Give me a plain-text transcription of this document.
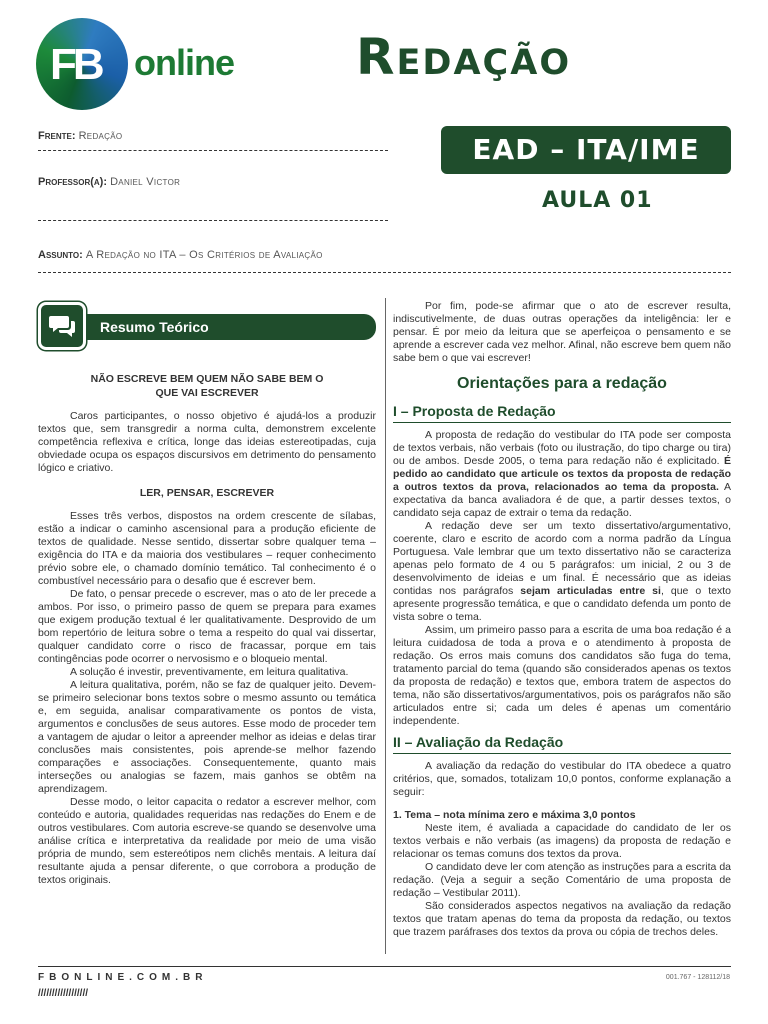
FB online Redação
Frente: Redação
Professor(a): Daniel Victor
Assunto: A Redação no ITA – Os Critérios de Avaliação
EAD – ITA/IME
AULA 01
Resumo Teórico
NÃO ESCREVE BEM QUEM NÃO SABE BEM O QUE VAI ESCREVER

Caros participantes, o nosso objetivo é ajudá-los a produzir textos que, sem transgredir a norma culta, demonstrem excelente competência reflexiva e crítica, longe das ideias estereotipadas, cuja obviedade ocupa os espaços discursivos em detrimento do pensamento lógico e criativo.

LER, PENSAR, ESCREVER

Esses três verbos, dispostos na ordem crescente de sílabas, estão a indicar o caminho ascensional para a produção eficiente de textos de qualidade. Nesse sentido, dissertar sobre qualquer tema – exigência do ITA e da maioria dos vestibulares – requer conhecimento prévio sobre ele, o chamado domínio temático. Tal conhecimento é o combustível necessário para o desafio que é escrever bem.

De fato, o pensar precede o escrever, mas o ato de ler precede a ambos. Por isso, o primeiro passo de quem se prepara para exames que exigem produção textual é ler qualitativamente. Desprovido de um bom repertório de leitura sobre o tema a respeito do qual vai dissertar, qualquer candidato corre o risco de fracassar, porque em tais contingências pode ocorrer o nervosismo e o bloqueio mental.

A solução é investir, preventivamente, em leitura qualitativa.

A leitura qualitativa, porém, não se faz de qualquer jeito. Devem-se primeiro selecionar bons textos sobre o mesmo assunto ou temática e, em seguida, analisar comparativamente os pontos de vista, argumentos e conclusões de seus autores. Esse modo de proceder tem a vantagem de ajudar o leitor a apreender melhor as ideias e delas tirar conclusões mais consistentes, pois aprende-se melhor fazendo comparações e associações. Consequentemente, quanto mais interseções ou analogias se fazem, mais ganhos se obtêm na aprendizagem.

Desse modo, o leitor capacita o redator a escrever melhor, com conteúdo e autoria, qualidades requeridas nas redações do Enem e de outros vestibulares. Com autoria escreve-se quando se desenvolve uma análise crítica e interpretativa da realidade por meio de uma visão própria de mundo, sem estereótipos nem clichês mentais. A leitura daí resultante ajuda a pensar diferente, o que corrobora a produção de textos originais.

Por fim, pode-se afirmar que o ato de escrever resulta, indiscutivelmente, de duas outras operações da inteligência: ler e pensar. É por meio da leitura que se aperfeiçoa o pensamento e se aprende a escrever cada vez melhor. Afinal, não escreve bem quem não sabe bem o que vai escrever!

Orientações para a redação
I – Proposta de Redação

A proposta de redação do vestibular do ITA pode ser composta de textos verbais, não verbais (foto ou ilustração, do tipo charge ou tira) ou de ambos. Desde 2005, o tema para redação não é explicitado. É pedido ao candidato que articule os textos da proposta de redação a outros textos da prova, relacionados ao tema da proposta. A expectativa da banca avaliadora é de que, a partir desses textos, o candidato seja capaz de extrair o tema da redação.

A redação deve ser um texto dissertativo/argumentativo, coerente, claro e escrito de acordo com a norma padrão da Língua Portuguesa. Vale lembrar que um texto dissertativo não se caracteriza apenas pelo formato de 4 ou 5 parágrafos: um inicial, 2 ou 3 de desenvolvimento de ideias e um final. É necessário que as ideias contidas nos parágrafos sejam articuladas entre si, que o texto apresente progressão temática, e que o candidato defenda um ponto de vista sobre o tema.

Assim, um primeiro passo para a escrita de uma boa redação é a leitura cuidadosa de toda a prova e o atendimento à proposta de redação. Os erros mais comuns dos candidatos são fuga do tema, tratamento parcial do tema (quando são considerados apenas os textos da proposta de redação) e textos que, embora tratem de aspectos do tema, não são dissertativos/argumentativos, pois os parágrafos não são articulados entre si; cada um deles é apenas um comentário independente.

II – Avaliação da Redação

A avaliação da redação do vestibular do ITA obedece a quatro critérios, que, somados, totalizam 10,0 pontos, conforme explanação a seguir:

1. Tema – nota mínima zero e máxima 3,0 pontos

Neste item, é avaliada a capacidade do candidato de ler os textos verbais e não verbais (as imagens) da proposta de redação e relacionar os temas comuns dos textos da prova.

O candidato deve ler com atenção as instruções para a escrita da redação. (Veja a seguir a seção Comentário de uma proposta de redação – Vestibular 2011).

São considerados aspectos negativos na avaliação da redação textos que tratam apenas do tema da proposta da redação, ou textos que trazem paráfrases dos textos da prova ou cópia de trechos deles.

FBONLINE.COM.BR
//////////////////
001.767 - 128112/18
